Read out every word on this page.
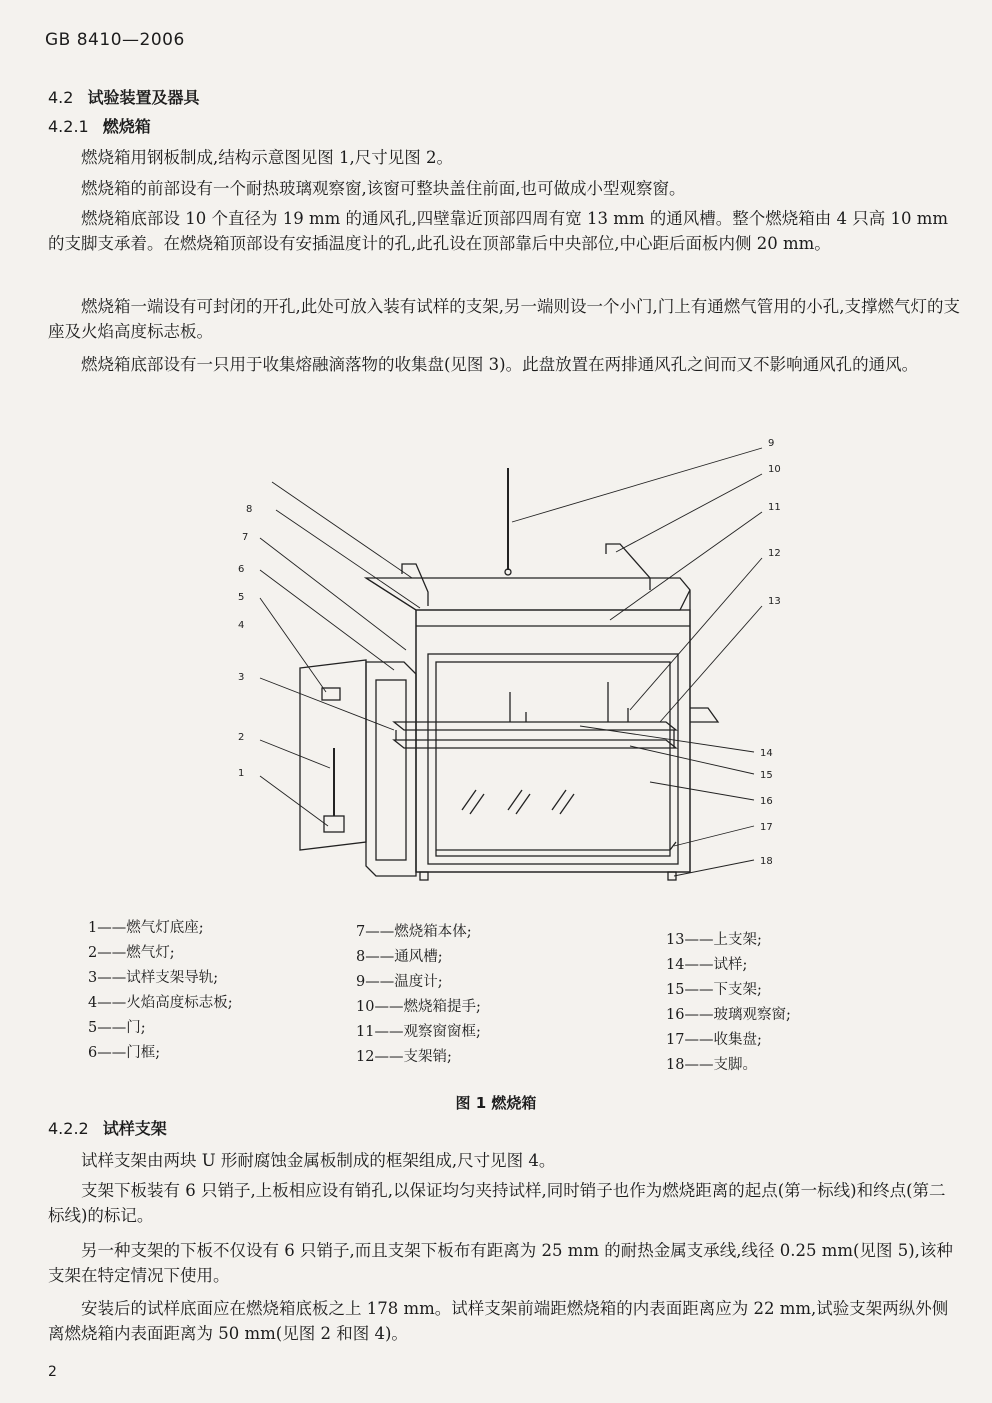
GB 8410—2006
4.2 试验装置及器具
4.2.1 燃烧箱
燃烧箱用钢板制成,结构示意图见图 1,尺寸见图 2。
燃烧箱的前部设有一个耐热玻璃观察窗,该窗可整块盖住前面,也可做成小型观察窗。
燃烧箱底部设 10 个直径为 19 mm 的通风孔,四壁靠近顶部四周有宽 13 mm 的通风槽。整个燃烧箱由 4 只高 10 mm 的支脚支承着。在燃烧箱顶部设有安插温度计的孔,此孔设在顶部靠后中央部位,中心距后面板内侧 20 mm。
燃烧箱一端设有可封闭的开孔,此处可放入装有试样的支架,另一端则设一个小门,门上有通燃气管用的小孔,支撑燃气灯的支座及火焰高度标志板。
燃烧箱底部设有一只用于收集熔融滴落物的收集盘(见图 3)。此盘放置在两排通风孔之间而又不影响通风孔的通风。
1
2
3
4
5
6
7
8
9
10
11
12
13
14
15
16
17
18
1——燃气灯底座;
2——燃气灯;
3——试样支架导轨;
4——火焰高度标志板;
5——门;
6——门框;
7——燃烧箱本体;
8——通风槽;
9——温度计;
10——燃烧箱提手;
11——观察窗窗框;
12——支架销;
13——上支架;
14——试样;
15——下支架;
16——玻璃观察窗;
17——收集盘;
18——支脚。
图 1 燃烧箱
4.2.2 试样支架
试样支架由两块 U 形耐腐蚀金属板制成的框架组成,尺寸见图 4。
支架下板装有 6 只销子,上板相应设有销孔,以保证均匀夹持试样,同时销子也作为燃烧距离的起点(第一标线)和终点(第二标线)的标记。
另一种支架的下板不仅设有 6 只销子,而且支架下板布有距离为 25 mm 的耐热金属支承线,线径 0.25 mm(见图 5),该种支架在特定情况下使用。
安装后的试样底面应在燃烧箱底板之上 178 mm。试样支架前端距燃烧箱的内表面距离应为 22 mm,试验支架两纵外侧离燃烧箱内表面距离为 50 mm(见图 2 和图 4)。
2
